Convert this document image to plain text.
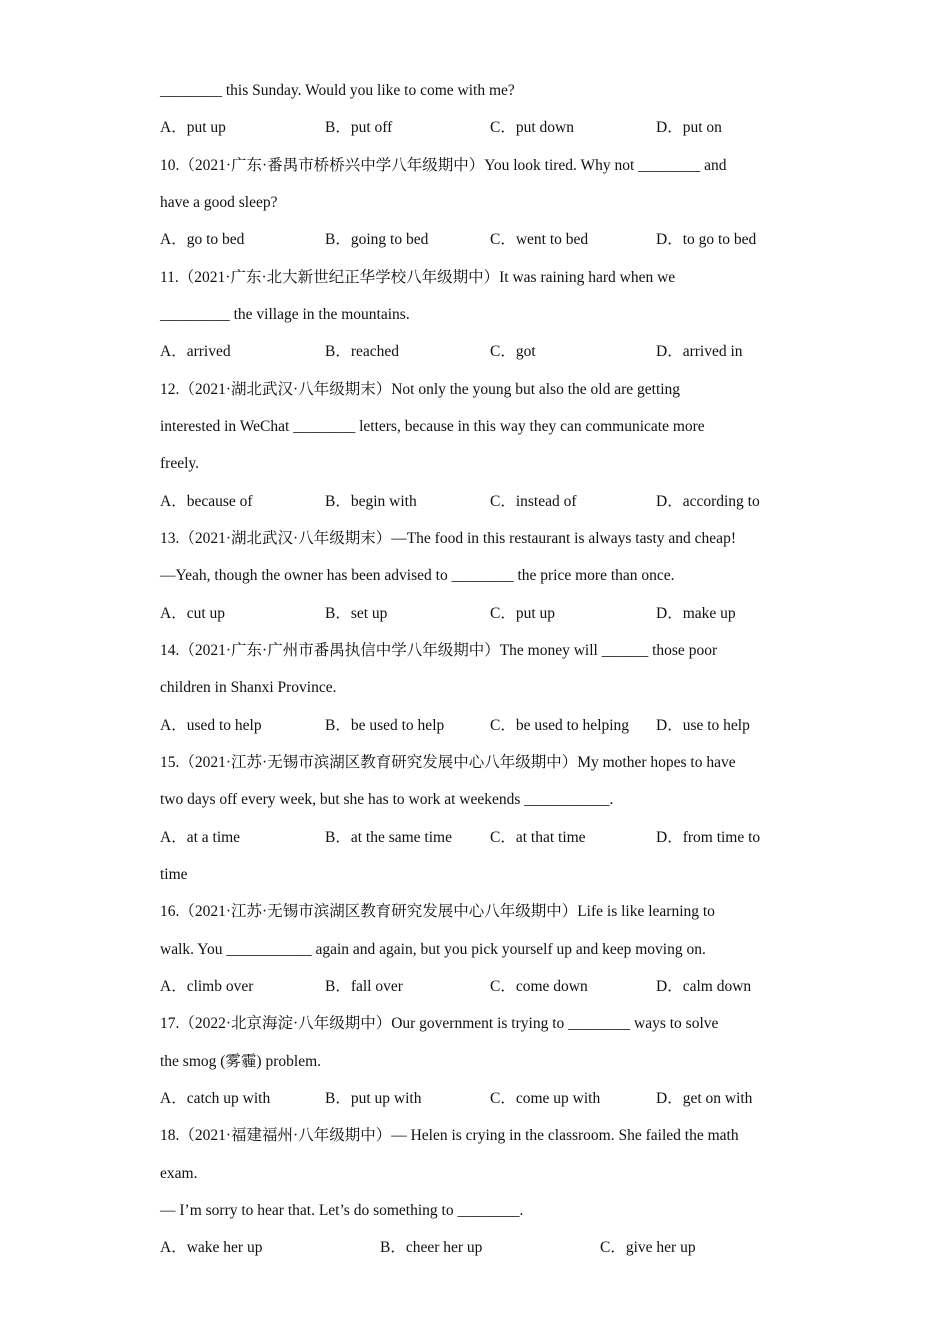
________ this Sunday. Would you like to come with me?
A．put up	B．put off	C．put down	D．put on
10.（2021·广东·番禺市桥桥兴中学八年级期中）You look tired. Why not ________ and
have a good sleep?
A．go to bed	B．going to bed	C．went to bed	D．to go to bed
11.（2021·广东·北大新世纪正华学校八年级期中）It was raining hard when we
_________ the village in the mountains.
A．arrived	B．reached	C．got	D．arrived in
12.（2021·湖北武汉·八年级期末）Not only the young but also the old are getting
interested in WeChat ________ letters, because in this way they can communicate more
freely.
A．because of	B．begin with	C．instead of	D．according to
13.（2021·湖北武汉·八年级期末）—The food in this restaurant is always tasty and cheap!
—Yeah, though the owner has been advised to ________ the price more than once.
A．cut up	B．set up	C．put up	D．make up
14.（2021·广东·广州市番禺执信中学八年级期中）The money will ______ those poor
children in Shanxi Province.
A．used to help	B．be used to help	C．be used to helping D．use to help
15.（2021·江苏·无锡市滨湖区教育研究发展中心八年级期中）My mother hopes to have
two days off every week, but she has to work at weekends ___________.
A．at a time	B．at the same time C．at that time	D．from time to
time
16.（2021·江苏·无锡市滨湖区教育研究发展中心八年级期中）Life is like learning to
walk. You ___________ again and again, but you pick yourself up and keep moving on.
A．climb over	B．fall over	C．come down	D．calm down
17.（2022·北京海淀·八年级期中）Our government is trying to ________ ways to solve
the smog (雾霾) problem.
A．catch up with	B．put up with	C．come up with	D．get on with
18.（2021·福建福州·八年级期中）— Helen is crying in the classroom. She failed the math
exam.
— I’m sorry to hear that. Let’s do something to ________.
A．wake her up	B．cheer her up	C．give her up
